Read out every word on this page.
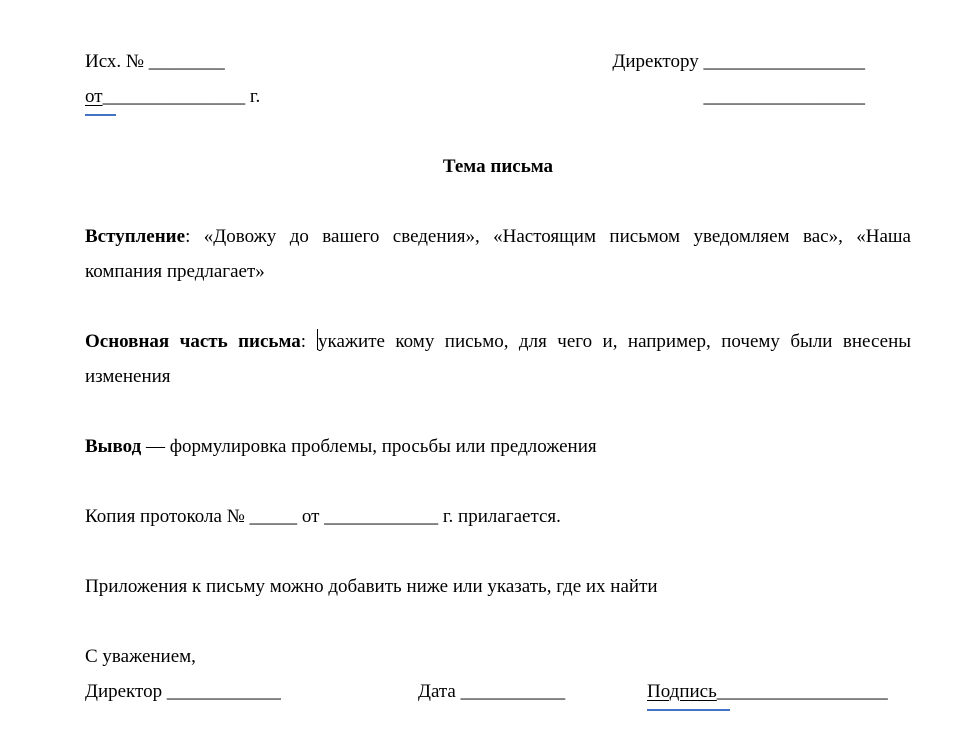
Исх. № ________
от_______________ г.
Директору _________________
_________________
Тема письма

Вступление: «Довожу до вашего сведения», «Настоящим письмом уведомляем вас», «Наша компания предлагает»

Основная часть письма: укажите кому письмо, для чего и, например, почему были внесены изменения

Вывод — формулировка проблемы, просьбы или предложения

Копия протокола № _____ от ____________ г. прилагается.

Приложения к письму можно добавить ниже или указать, где их найти

С уважением,
Директор ____________	Дата ___________	Подпись__________________
